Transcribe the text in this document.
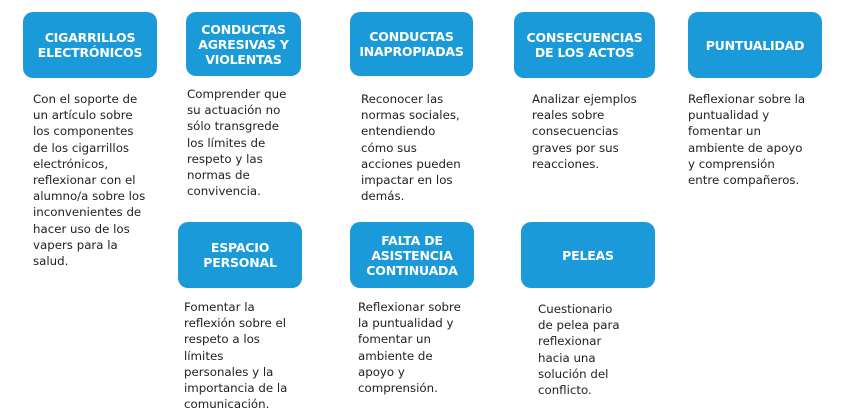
CIGARRILLOS
ELECTRÓNICOS

Con el soporte de
un artículo sobre
los componentes
de los cigarrillos
electrónicos,
reflexionar con el
alumno/a sobre los
inconvenientes de
hacer uso de los
vapers para la
salud.

CONDUCTAS
AGRESIVAS Y
VIOLENTAS

Comprender que
su actuación no
sólo transgrede
los límites de
respeto y las
normas de
convivencia.

CONDUCTAS
INAPROPIADAS

Reconocer las
normas sociales,
entendiendo
cómo sus
acciones pueden
impactar en los
demás.

CONSECUENCIAS
DE LOS ACTOS

Analizar ejemplos
reales sobre
consecuencias
graves por sus
reacciones.

PUNTUALIDAD

Reflexionar sobre la
puntualidad y
fomentar un
ambiente de apoyo
y comprensión
entre compañeros.

ESPACIO
PERSONAL

Fomentar la
reflexión sobre el
respeto a los
límites
personales y la
importancia de la
comunicación.

FALTA DE
ASISTENCIA
CONTINUADA

Reflexionar sobre
la puntualidad y
fomentar un
ambiente de
apoyo y
comprensión.

PELEAS

Cuestionario
de pelea para
reflexionar
hacia una
solución del
conflicto.
